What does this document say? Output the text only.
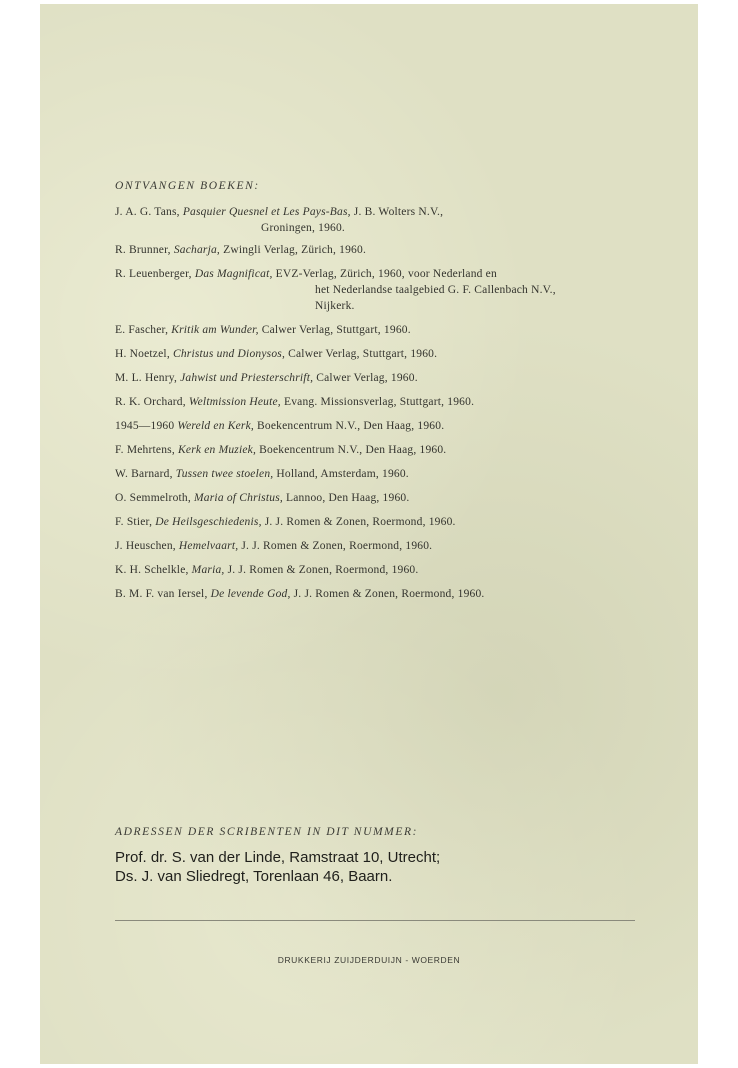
ONTVANGEN BOEKEN:
J. A. G. Tans, Pasquier Quesnel et Les Pays-Bas, J. B. Wolters N.V.,
Groningen, 1960.
R. Brunner, Sacharja, Zwingli Verlag, Zürich, 1960.
R. Leuenberger, Das Magnificat, EVZ-Verlag, Zürich, 1960, voor Nederland en
het Nederlandse taalgebied G. F. Callenbach N.V.,
Nijkerk.
E. Fascher, Kritik am Wunder, Calwer Verlag, Stuttgart, 1960.
H. Noetzel, Christus und Dionysos, Calwer Verlag, Stuttgart, 1960.
M. L. Henry, Jahwist und Priesterschrift, Calwer Verlag, 1960.
R. K. Orchard, Weltmission Heute, Evang. Missionsverlag, Stuttgart, 1960.
1945—1960 Wereld en Kerk, Boekencentrum N.V., Den Haag, 1960.
F. Mehrtens, Kerk en Muziek, Boekencentrum N.V., Den Haag, 1960.
W. Barnard, Tussen twee stoelen, Holland, Amsterdam, 1960.
O. Semmelroth, Maria of Christus, Lannoo, Den Haag, 1960.
F. Stier, De Heilsgeschiedenis, J. J. Romen & Zonen, Roermond, 1960.
J. Heuschen, Hemelvaart, J. J. Romen & Zonen, Roermond, 1960.
K. H. Schelkle, Maria, J. J. Romen & Zonen, Roermond, 1960.
B. M. F. van Iersel, De levende God, J. J. Romen & Zonen, Roermond, 1960.
ADRESSEN DER SCRIBENTEN IN DIT NUMMER:
Prof. dr. S. van der Linde, Ramstraat 10, Utrecht;
Ds. J. van Sliedregt, Torenlaan 46, Baarn.
DRUKKERIJ ZUIJDERDUIJN - WOERDEN
